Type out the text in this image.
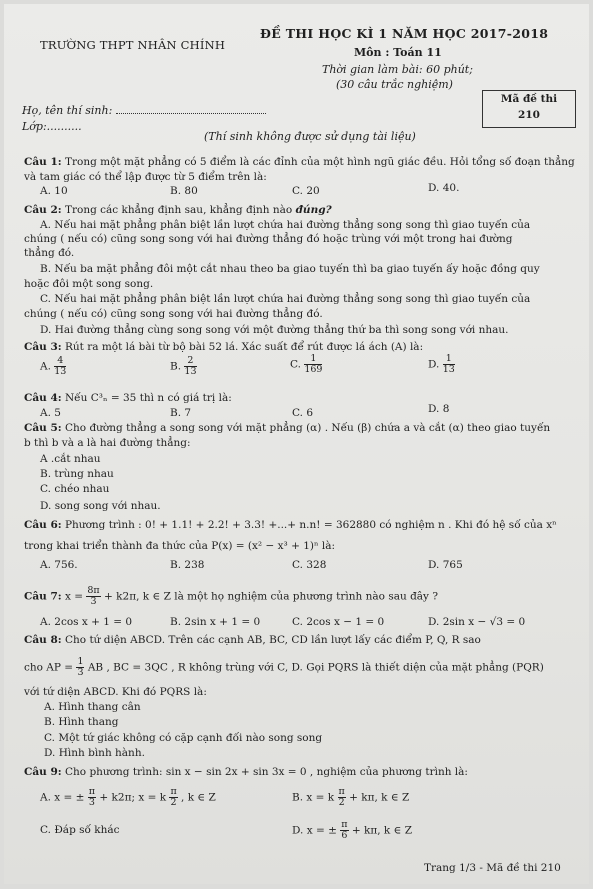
TRƯỜNG THPT NHÂN CHÍNH
ĐỀ THI HỌC KÌ 1 NĂM HỌC 2017-2018
Môn : Toán 11
Thời gian làm bài: 60 phút;
(30 câu trắc nghiệm)
Mã đề thi
210
Họ, tên thí sinh:
Lớp:..........
(Thí sinh không được sử dụng tài liệu)
Câu 1: Trong một mặt phẳng có 5 điểm là các đỉnh của một hình ngũ giác đều. Hỏi tổng số đoạn thẳng
và tam giác có thể lập được từ 5 điểm trên là:
A. 10	B. 80	C. 20	D. 40.
Câu 2: Trong các khẳng định sau, khẳng định nào đúng?
A. Nếu hai mặt phẳng phân biệt lần lượt chứa hai đường thẳng song song thì giao tuyến của
chúng ( nếu có) cũng song song với hai đường thẳng đó hoặc trùng với một trong hai đường
thẳng đó.
B. Nếu ba mặt phẳng đôi một cắt nhau theo ba giao tuyến thì ba giao tuyến ấy hoặc đồng quy
hoặc đôi một song song.
C. Nếu hai mặt phẳng phân biệt lần lượt chứa hai đường thẳng song song thì giao tuyến của
chúng ( nếu có) cũng song song với hai đường thẳng đó.
D. Hai đường thẳng cùng song song với một đường thẳng thứ ba thì song song với nhau.
Câu 3: Rút ra một lá bài từ bộ bài 52 lá. Xác suất để rút được lá ách (A) là:
A. $\frac{4}{13}$	B. $\frac{2}{13}$	C. $\frac{1}{169}$	D. $\frac{1}{13}$
Câu 4: Nếu C³ₙ = 35 thì n có giá trị là:
A. 5	B. 7	C. 6	D. 8
Câu 5: Cho đường thẳng a song song với mặt phẳng (α) . Nếu (β) chứa a và cắt (α) theo giao tuyến
b thì b và a là hai đường thẳng:
A .cắt nhau
B. trùng nhau
C. chéo nhau
D. song song với nhau.
Câu 6: Phương trình : 0! + 1.1! + 2.2! + 3.3! +...+ n.n! = 362880 có nghiệm n . Khi đó hệ số của xⁿ
trong khai triển thành đa thức của P(x) = (x² − x³ + 1)ⁿ là:
A. 756.	B. 238	C. 328	D. 765
Câu 7: $x = \frac{8\pi}{3} + k2\pi$, k ∈ Z là một họ nghiệm của phương trình nào sau đây ?
A. 2cos x + 1 = 0	B. 2sin x + 1 = 0	C. 2cos x − 1 = 0	D. 2sin x − √3 = 0
Câu 8: Cho tứ diện ABCD. Trên các cạnh AB, BC, CD lần lượt lấy các điểm P, Q, R sao
cho AP = $\frac{1}{3}$ AB , BC = 3QC , R không trùng với C, D. Gọi PQRS là thiết diện của mặt phẳng (PQR)
với tứ diện ABCD. Khi đó PQRS là:
A. Hình thang cân
B. Hình thang
C. Một tứ giác không có cặp cạnh đối nào song song
D. Hình bình hành.
Câu 9: Cho phương trình: sin x − sin 2x + sin 3x = 0 , nghiệm của phương trình là:
A. x = ± $\frac{\pi}{3} + k2\pi$; x = k $\frac{\pi}{2}$ , k ∈ Z	B. x = k $\frac{\pi}{2} + k\pi$, k ∈ Z
C. Đáp số khác	D. x = ± $\frac{\pi}{6} + k\pi$, k ∈ Z
Trang 1/3 - Mã đề thi 210
